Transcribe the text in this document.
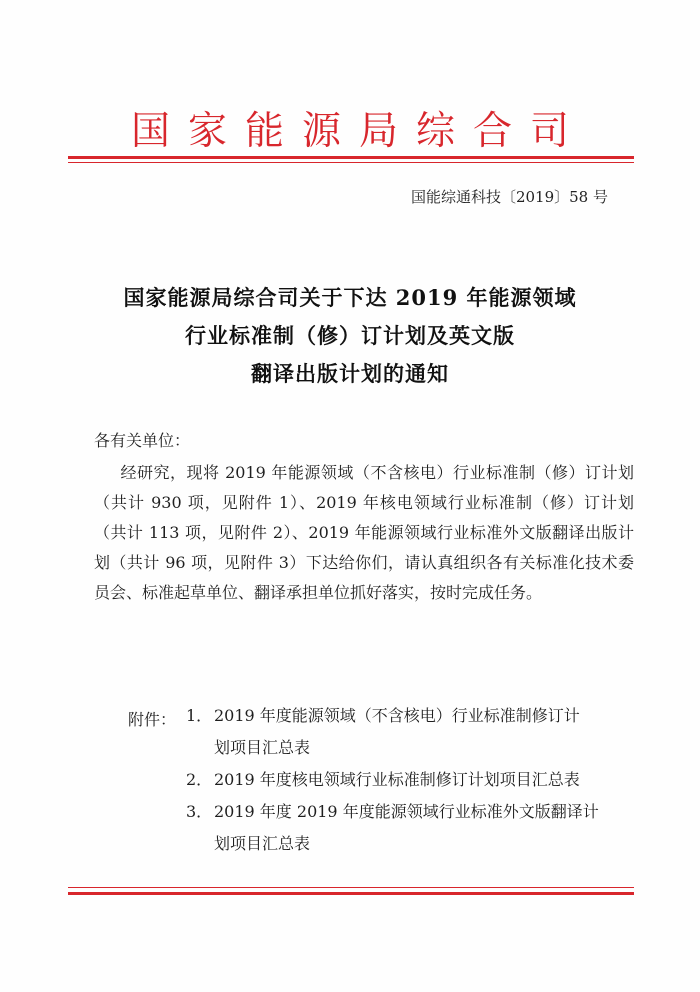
国家能源局综合司
国能综通科技〔2019〕58 号
国家能源局综合司关于下达 2019 年能源领域
行业标准制（修）订计划及英文版
翻译出版计划的通知
各有关单位：
经研究，现将 2019 年能源领域（不含核电）行业标准制（修）订计划（共计 930 项，见附件 1）、2019 年核电领域行业标准制（修）订计划（共计 113 项，见附件 2）、2019 年能源领域行业标准外文版翻译出版计划（共计 96 项，见附件 3）下达给你们，请认真组织各有关标准化技术委员会、标准起草单位、翻译承担单位抓好落实，按时完成任务。
附件： 1． 2019 年度能源领域（不含核电）行业标准制修订计
划项目汇总表
2． 2019 年度核电领域行业标准制修订计划项目汇总表
3． 2019 年度 2019 年度能源领域行业标准外文版翻译计
划项目汇总表
